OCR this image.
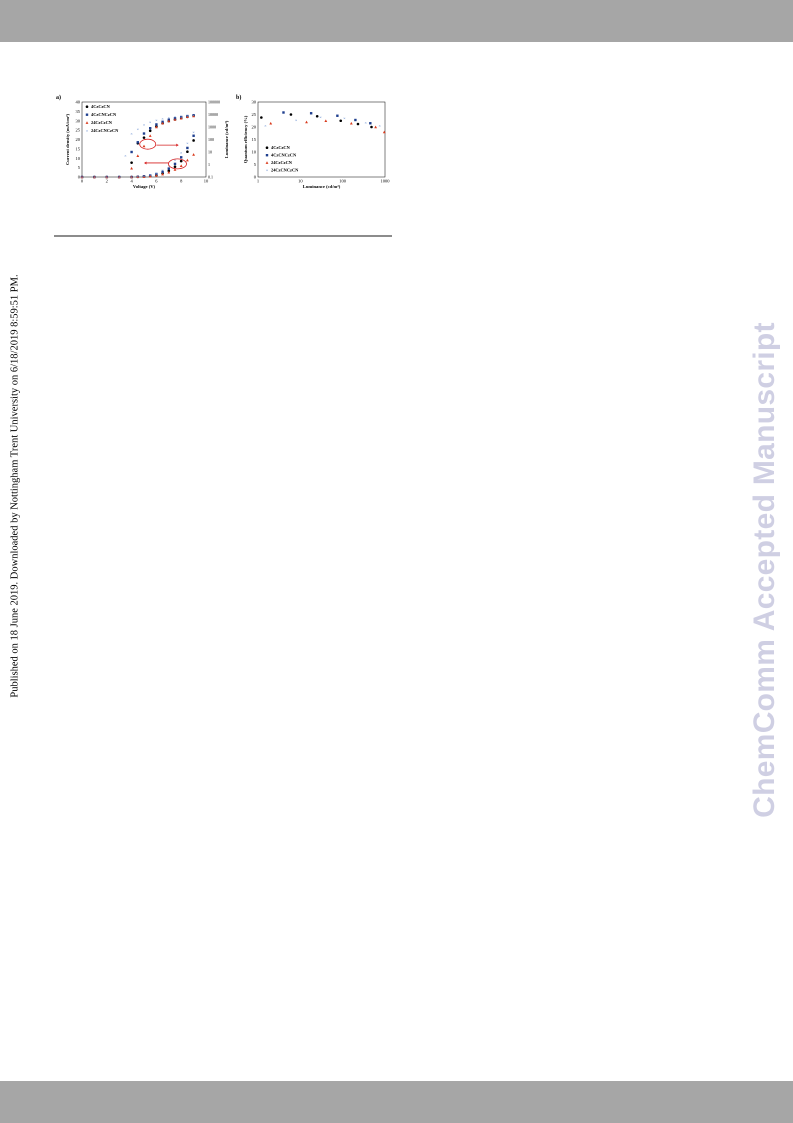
Published on 18 June 2019. Downloaded by Nottingham Trent University on 6/18/2019 8:59:51 PM.	ChemComm Accepted Manuscript
a)
0	2	4	6	8	10
0
5
10
15
20
25
30
35
40
0.1
1
10
100
1000
10000
100000
Voltage (V)
Current density (mA/cm²)	Luminance (cd/m²)
×	×	×	×	× × × × ×
×
×
×
×
×
×
×
×
×
×
× × × × × × × ×
4CzCzCN
4CzCNCzCN
24CzCzCN
× 24CzCNCzCN
b)
1	10	100	1000
0
5
10
15
20
25
30
Luminance (cd/m²)
Quantum efficiency (%)	×
×
×	×
×
×
4CzCzCN
4CzCNCzCN
24CzCzCN
× 24CzCNCzCN
